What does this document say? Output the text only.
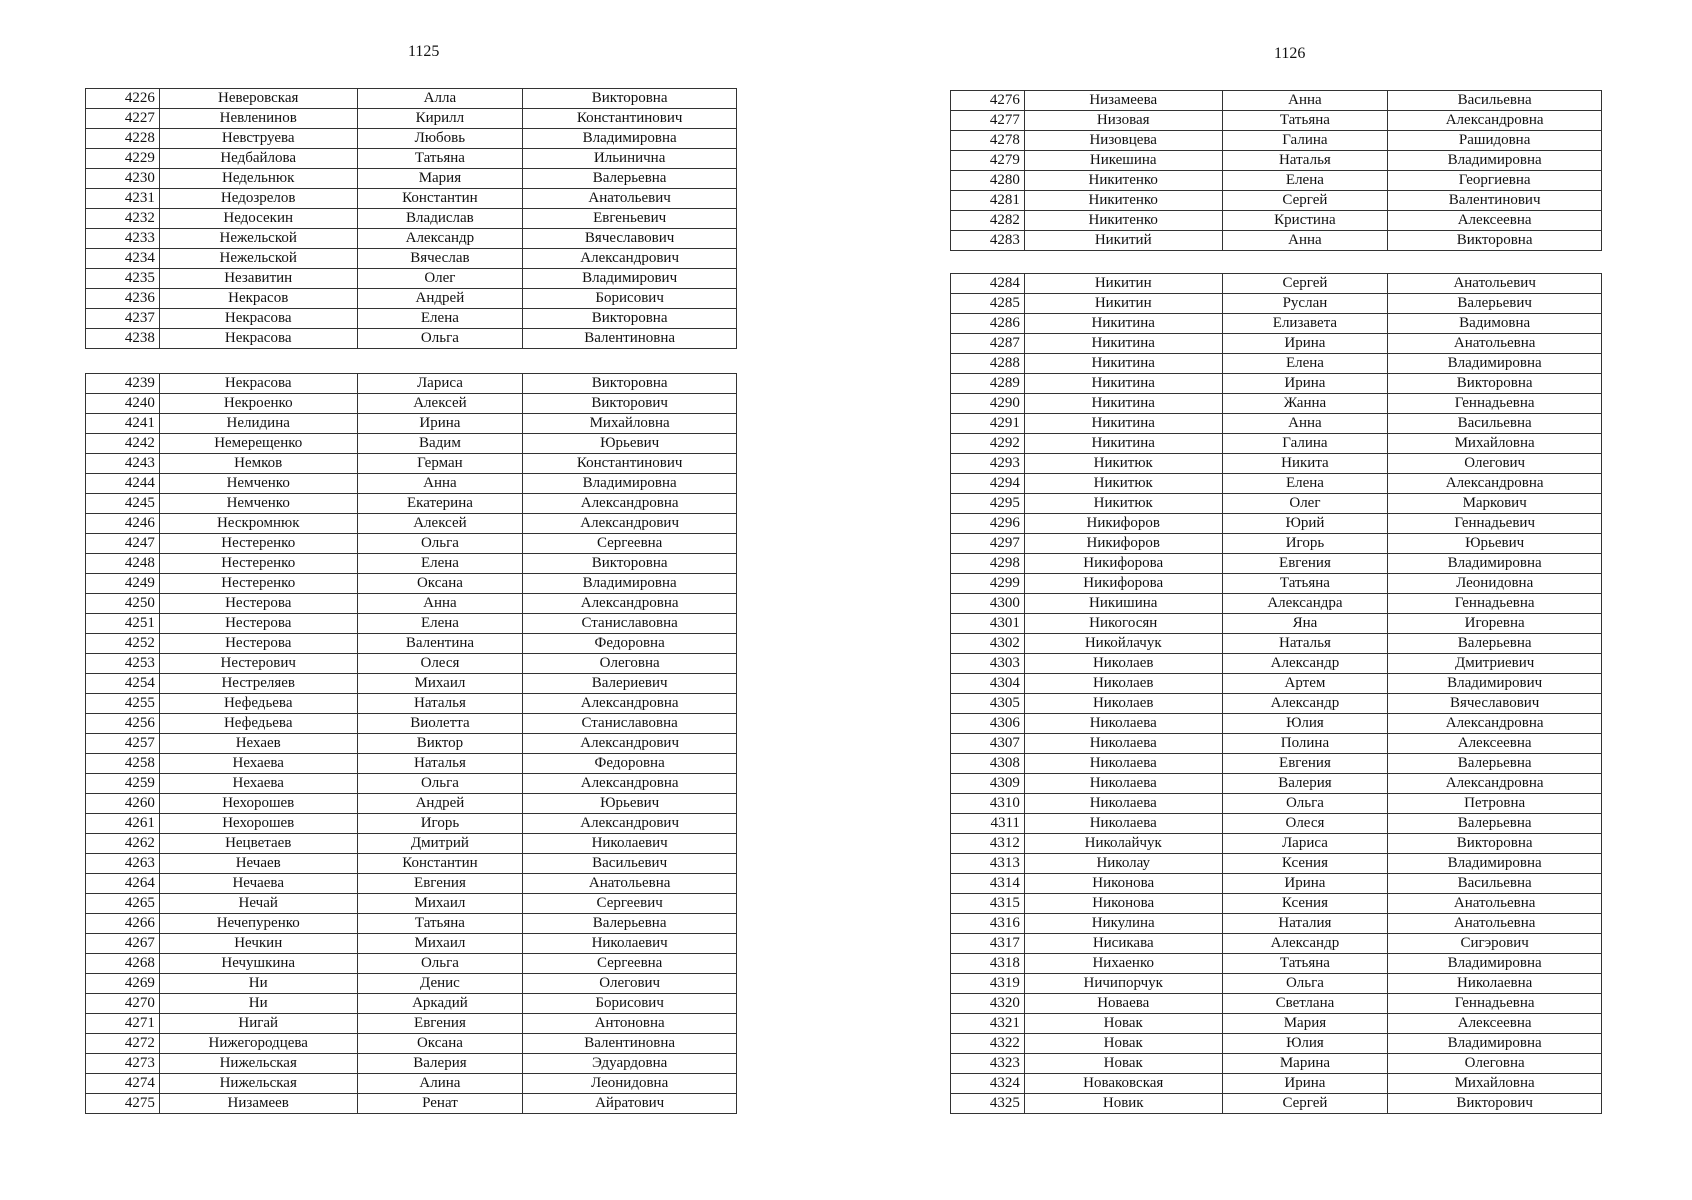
1125
4226	Неверовская	Алла	Викторовна
4227	Невленинов	Кирилл	Константинович
4228	Невструева	Любовь	Владимировна
4229	Недбайлова	Татьяна	Ильинична
4230	Недельнюк	Мария	Валерьевна
4231	Недозрелов	Константин	Анатольевич
4232	Недосекин	Владислав	Евгеньевич
4233	Нежельской	Александр	Вячеславович
4234	Нежельской	Вячеслав	Александрович
4235	Незавитин	Олег	Владимирович
4236	Некрасов	Андрей	Борисович
4237	Некрасова	Елена	Викторовна
4238	Некрасова	Ольга	Валентиновна
4239	Некрасова	Лариса	Викторовна
4240	Некроенко	Алексей	Викторович
4241	Нелидина	Ирина	Михайловна
4242	Немерещенко	Вадим	Юрьевич
4243	Немков	Герман	Константинович
4244	Немченко	Анна	Владимировна
4245	Немченко	Екатерина	Александровна
4246	Нескромнюк	Алексей	Александрович
4247	Нестеренко	Ольга	Сергеевна
4248	Нестеренко	Елена	Викторовна
4249	Нестеренко	Оксана	Владимировна
4250	Нестерова	Анна	Александровна
4251	Нестерова	Елена	Станиславовна
4252	Нестерова	Валентина	Федоровна
4253	Нестерович	Олеся	Олеговна
4254	Нестреляев	Михаил	Валериевич
4255	Нефедьева	Наталья	Александровна
4256	Нефедьева	Виолетта	Станиславовна
4257	Нехаев	Виктор	Александрович
4258	Нехаева	Наталья	Федоровна
4259	Нехаева	Ольга	Александровна
4260	Нехорошев	Андрей	Юрьевич
4261	Нехорошев	Игорь	Александрович
4262	Нецветаев	Дмитрий	Николаевич
4263	Нечаев	Константин	Васильевич
4264	Нечаева	Евгения	Анатольевна
4265	Нечай	Михаил	Сергеевич
4266	Нечепуренко	Татьяна	Валерьевна
4267	Нечкин	Михаил	Николаевич
4268	Нечушкина	Ольга	Сергеевна
4269	Ни	Денис	Олегович
4270	Ни	Аркадий	Борисович
4271	Нигай	Евгения	Антоновна
4272	Нижегородцева	Оксана	Валентиновна
4273	Нижельская	Валерия	Эдуардовна
4274	Нижельская	Алина	Леонидовна
4275	Низамеев	Ренат	Айратович
1126
4276	Низамеева	Анна	Васильевна
4277	Низовая	Татьяна	Александровна
4278	Низовцева	Галина	Рашидовна
4279	Никешина	Наталья	Владимировна
4280	Никитенко	Елена	Георгиевна
4281	Никитенко	Сергей	Валентинович
4282	Никитенко	Кристина	Алексеевна
4283	Никитий	Анна	Викторовна
4284	Никитин	Сергей	Анатольевич
4285	Никитин	Руслан	Валерьевич
4286	Никитина	Елизавета	Вадимовна
4287	Никитина	Ирина	Анатольевна
4288	Никитина	Елена	Владимировна
4289	Никитина	Ирина	Викторовна
4290	Никитина	Жанна	Геннадьевна
4291	Никитина	Анна	Васильевна
4292	Никитина	Галина	Михайловна
4293	Никитюк	Никита	Олегович
4294	Никитюк	Елена	Александровна
4295	Никитюк	Олег	Маркович
4296	Никифоров	Юрий	Геннадьевич
4297	Никифоров	Игорь	Юрьевич
4298	Никифорова	Евгения	Владимировна
4299	Никифорова	Татьяна	Леонидовна
4300	Никишина	Александра	Геннадьевна
4301	Никогосян	Яна	Игоревна
4302	Никойлачук	Наталья	Валерьевна
4303	Николаев	Александр	Дмитриевич
4304	Николаев	Артем	Владимирович
4305	Николаев	Александр	Вячеславович
4306	Николаева	Юлия	Александровна
4307	Николаева	Полина	Алексеевна
4308	Николаева	Евгения	Валерьевна
4309	Николаева	Валерия	Александровна
4310	Николаева	Ольга	Петровна
4311	Николаева	Олеся	Валерьевна
4312	Николайчук	Лариса	Викторовна
4313	Николау	Ксения	Владимировна
4314	Никонова	Ирина	Васильевна
4315	Никонова	Ксения	Анатольевна
4316	Никулина	Наталия	Анатольевна
4317	Нисикава	Александр	Сигэрович
4318	Нихаенко	Татьяна	Владимировна
4319	Ничипорчук	Ольга	Николаевна
4320	Новаева	Светлана	Геннадьевна
4321	Новак	Мария	Алексеевна
4322	Новак	Юлия	Владимировна
4323	Новак	Марина	Олеговна
4324	Новаковская	Ирина	Михайловна
4325	Новик	Сергей	Викторович
